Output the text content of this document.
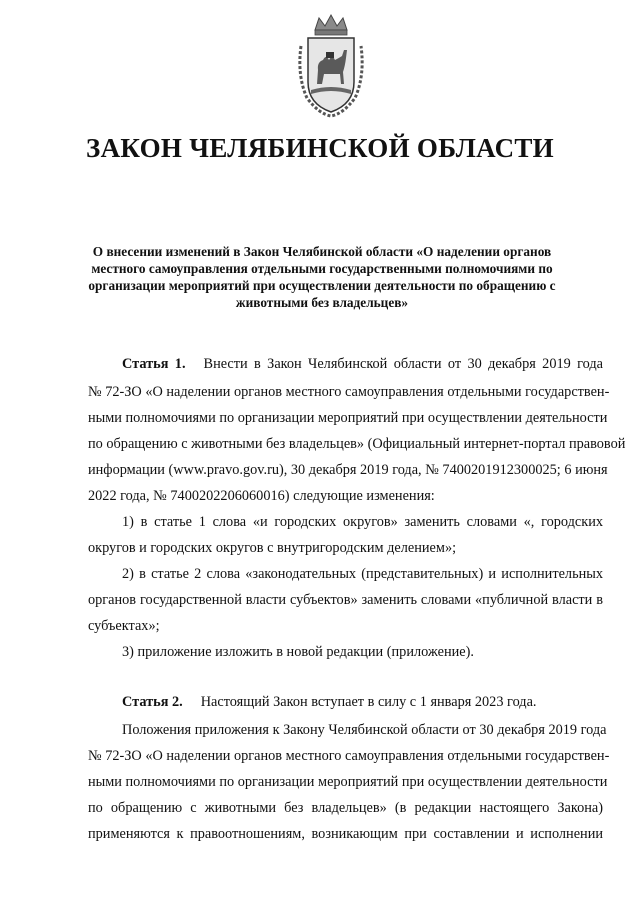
ЗАКОН ЧЕЛЯБИНСКОЙ ОБЛАСТИ
О внесении изменений в Закон Челябинской области «О наделении органов
местного самоуправления отдельными государственными полномочиями по
организации мероприятий при осуществлении деятельности по обращению с
животными без владельцев»
Статья 1. Внести в Закон Челябинской области от 30 декабря 2019 года
№ 72-ЗО «О наделении органов местного самоуправления отдельными государствен-
ными полномочиями по организации мероприятий при осуществлении деятельности
по обращению с животными без владельцев» (Официальный интернет-портал правовой
информации (www.pravo.gov.ru), 30 декабря 2019 года, № 7400201912300025; 6 июня
2022 года, № 7400202206060016) следующие изменения:
1) в статье 1 слова «и городских округов» заменить словами «, городских
округов и городских округов с внутригородским делением»;
2) в статье 2 слова «законодательных (представительных) и исполнительных
органов государственной власти субъектов» заменить словами «публичной власти в
субъектах»;
3) приложение изложить в новой редакции (приложение).
Статья 2. Настоящий Закон вступает в силу с 1 января 2023 года.
Положения приложения к Закону Челябинской области от 30 декабря 2019 года
№ 72-ЗО «О наделении органов местного самоуправления отдельными государствен-
ными полномочиями по организации мероприятий при осуществлении деятельности
по обращению с животными без владельцев» (в редакции настоящего Закона)
применяются к правоотношениям, возникающим при составлении и исполнении
